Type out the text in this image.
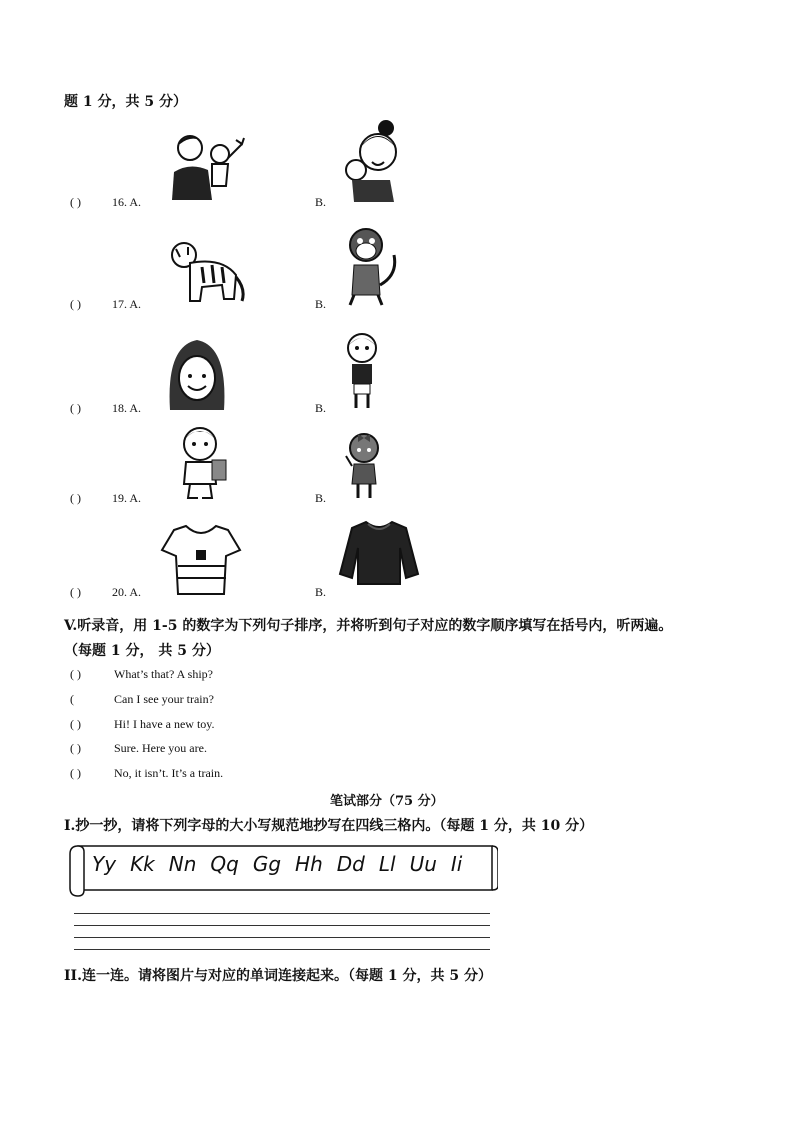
题 1 分，共 5 分）
( )	16. A.	B.
( )	17. A.	B.
( )	18. A.	B.
( )	19. A.	B.
( )	20. A.	B.
V.听录音，用 1-5 的数字为下列句子排序，并将听到句子对应的数字顺序填写在括号内，听两遍。
（每题 1 分， 共 5 分）
( )	What’s that? A ship?
(	Can I see your train?
( )	Hi! I have a new toy.
( )	Sure. Here you are.
( )	No, it isn’t. It’s a train.
笔试部分（75 分）
I.抄一抄，请将下列字母的大小写规范地抄写在四线三格内。（每题 1 分，共 10 分）
Yy Kk Nn Qq Gg Hh Dd Ll Uu Ii
II.连一连。请将图片与对应的单词连接起来。（每题 1 分，共 5 分）
